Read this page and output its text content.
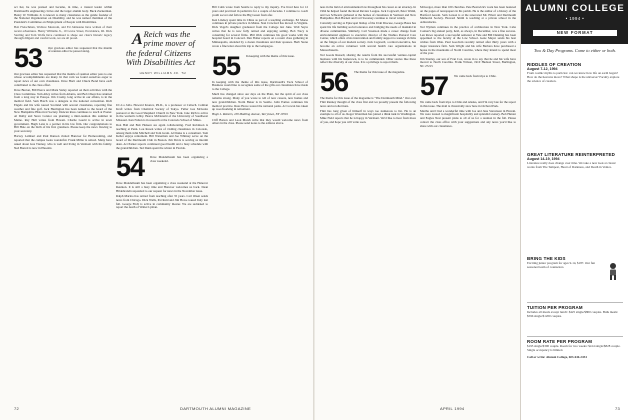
act her, he was praised and became, in time, a trusted leader within Dartmouth's engineering circles and the larger alumni body. Buck Zuckerman. Henry W. Williams Jr. is known to many classmates as the gentle founder of the National Organization on Disability, and he was named chairman of the President's Committee on Employment of People with Disabilities.

Bob Fleischman, Wallace Mostrom, and Ed Johnstone have written of their recent adventures. Henry Williams Jr., 10 Grove Street, Providence, RI. Dick Sterling and Tom Wolfe have continued to shape our class's historic legacy through diligent and careful work, we are all proud.

53 Our gracious editor has requested that the mantle of reunion editor be passed along.

Our gracious editor has requested that the mantle of reunion editor pass to one whose accomplishments are many. In that vein we found ourselves eager to report news of our own classmates. Dave Hartt and Chuck Bond have each contributed to the class effort.

Dave Burton, Bill Pierce and Mark Staley reported on their activities with the Class Committee. Tom Alley writes from Atlanta, and Bob Olson has returned from a long stay in Europe. Jim Crosby, long active in our affairs, is in the medical field. Sam Hatch was a delegate to the national convention. Rich Engels and his wife toured Scotland with several classmates, reporting fine weather and fine golf. Jack Harrington has been named to the board of the New Hampshire Historical Society. Duncan Ross continues to teach at Exeter. Al Dalby and Steve Connor are planning a mini-reunion this summer in Maine. Ray Hall writes from Hawaii. Charlie Gould is active in town government. Hugh Lenz is a partner in his law firm. Our congratulations to Bill Hale on the birth of his first grandson. Please keep the news flowing to your secretary.

Harvey Lambert and Paul Danson visited Hanover for Homecoming, and reported that the campus looks wonderful. Frank Miller is retired. Many have asked about Gus Tierney, who is well and living in Vermont with his family. Ned Barrett is now in Phoenix.

A Reich was the prime mover of the federal Citizens With Disabilities Act
HENRY WILLIAMS JR. '52

UC-La Jolla. Howard Kronov, Ph.D., is a professor at Caltech. Colman Kraft writes from Chemical Society of Tokyo. Fuller Gas McGuire pastored at the Good Shepherd Church in New York. Jane Rich is active in the women's lobby. Heave McDonald of the University of Southwest Missouri. Ken Fulton is in research at the Colorado School of Mines.

Don Hall and Bob Hanson are again collaborating. Fred Robinson is teaching at Penn. Lou Rosen writes of visiting classmates in Colorado, among them John Mitchell and Tom Grant. Al Drake is a consultant. Tom Keller enjoys retirement. Bill Waterman and Joe Whitney serve on the board of the Dartmouth Club in Boston. Jim Davis is serving as interim dean. Art Parker reports continued good health and a busy schedule with the grandchildren. Ted Dunn spent the winter in Florida.

54 Dave Mandelbaum has been organizing a class weekend.

Dave Mandelbaum has been organizing a class weekend at the Hanover Reunion. It is still a busy time and Hanover welcomes us back. Dean Hildebrandt responded to our request for news in the November issue.

Ralph Marino has retired from teaching after 35 years. Carl Olsen sends news from Chicago. Dick Wells, Pat Reid and Jim Howe toured Italy last fall. George Fitch is active in community theater. We are saddened to report the death of Walter Lyman.

Bill Cohn wrote from Seattle to reply to my inquiry. I've lived here for 12 years and practiced in pediatrics for a couple of decades. I continue to coach youth soccer and follow the Big Green from afar.

Ken Lindsey spent time in China as part of a teaching exchange. Ed Morse continues in private practice in Maine. Stan Crawford has moved to Virginia. Dick Vogel's daughter graduated from the College last June. Walt Sayre writes that he is now fully retired and enjoying sailing. Bob Tracy is consulting for several firms. Phil Olds continues his good works with the hospital board in Concord. Dan Fisher reports on a recent class gathering in Minneapolis, attended by a dozen classmates and their spouses. Herb Stone wrote a fine letter about his trip to the Galapagos.

55 In keeping with the theme of this issue.

In keeping with the theme of this issue, Dartmouth's Tuck School of Business would like to recognize some of the gifts our classmates have made to the College.

Much has changed since our days on the Plain, but the spirit of our class remains strong. Many of you wrote to tell of new careers, new homes and new grandchildren. Norm Baker is in Seattle. John Eames continues his medical practice. Russ Howe toured the national parks. Al Cowan has taken up woodworking in retirement.

Hugh L. Roberts, 109 Mattling Avenue, Tarrytown, NY 10591

Cliff Barton and Leon Marsh write that they would welcome news from others in the class. Please send notes to the address above.

72	DARTMOUTH ALUMNI MAGAZINE

ness in the field of environmental law throughout his career as an attorney. In 1964 he helped found the Road Review League. Jack Cogswell, Peter Walsh, and Les Schwartz gathered at the homes of classmates in Vermont and New Hampshire. Bob Harnett and Carl Sweeney continue to travel widely.

Currently serving as Episcopal bishop of the Utah Diocese, George Bates has spent his life building social tolerance and bridging the needs of mankind in diverse communities. Similarly, Carl Swenson made a career change from environmental engineer to executive director of the Nashua Pastoral Care Center, which offers crisis intervention and family support to teenage victims on the fringes of our modern society. Jack Cogswell, a retired executive, has become an active volunteer with several health care organizations in Massachusetts.

Ted Goode Russell, sharing the results from his successful venture-capital business with his hometown, is to be commended. Other stories like these reflect the diversity of our class. It is a privilege to report them.

56 The theme for this issue of the magazine.

The theme for this issue of the magazine is "The Dartmouth Mind." Our own Flint Ranney thought of the class first and we proudly present the following news and recollections.

Flint has long given of himself in ways too numerous to list. He is an example to all of us. Roger Waterman has joined a think tank in Washington. Mike Field reports that he is happy in Vermont. We'd like to hear from more of you, and hope you will write soon.

McGregor, more than 100 churches. Pete Bostwick's work has been featured on the pages of newspapers in his parish. He is the author of a history of the Hartford Ascent. Sam Larson is at the renovated Mt. Elbert and Dartmouth Memorial Society. Howard Smith is teaching at a private school in the Adirondacks.

Ted Wyman continues in the practice of architecture in New York. Cabe Conner's big annual party, held, as always, in December, was a fine success. Len Rowe reported a successful semester at Yale and Bill Dunning has been appointed to the faculty of the Law School. Gene Meyer sends his best wishes from Ohio. Paul Goodwin recently retired after thirty years with a major insurance firm. Sam Wright and his wife Barbara have purchased a house in the mountains of North Carolina, where they intend to spend most of the year.

Jim Stanley, our son of Fran Cox, wrote in to say that he and his wife have moved to North Carolina. Frank Wilson, 1910 Hudson Street, Burlington, NC 27215

57 We came back from trips to Chile.

We came back from trips to Chile and Alaska, and I'm very late for the report in this issue. The mail is chronically slow here in Orchard Park.

Martha and I had a wonderful time with Joe and Jane Stevenson in Hawaii. We were treated to magnificent hospitality and splendid scenery. Bob Hunter and Eagles Nest present plans to all of us for a reunion in the fall. Please contact the class office with your suggestions and any news you'd like to share with our classmates.

APRIL 1994
ALUMNI COLLEGE
• 1994 •
NEW FORMAT
Two & Day Programs. Come to either or both.
RIDDLES OF CREATION
August 7-12, 1994
From cosmic myths to particles: can we know how life on earth began? How do the heavens move? What shape is the universe? Faculty explore the science of creation.
GREAT LITERATURE REINTERPRETED
August 14-19, 1994
Literature really does change over time. We take a new look at classic works from The Tempest, Heart of Darkness, and Death in Venice.
BRING THE KIDS
Exciting junior program for ages 9-14, $187. Our fun seasoned team of counselors.
TUITION PER PROGRAM
Includes all meals except lunch: $425 single/$800 couples. Bulk meals: $596 single/$1200 couples.
ROOM RATE PER PROGRAM
$195 single/$390 couple. Room for two weeks: $414 single/$828 couple. Single occupancy is limited.
Call or write: Alumni College, 603-646-2454
73
